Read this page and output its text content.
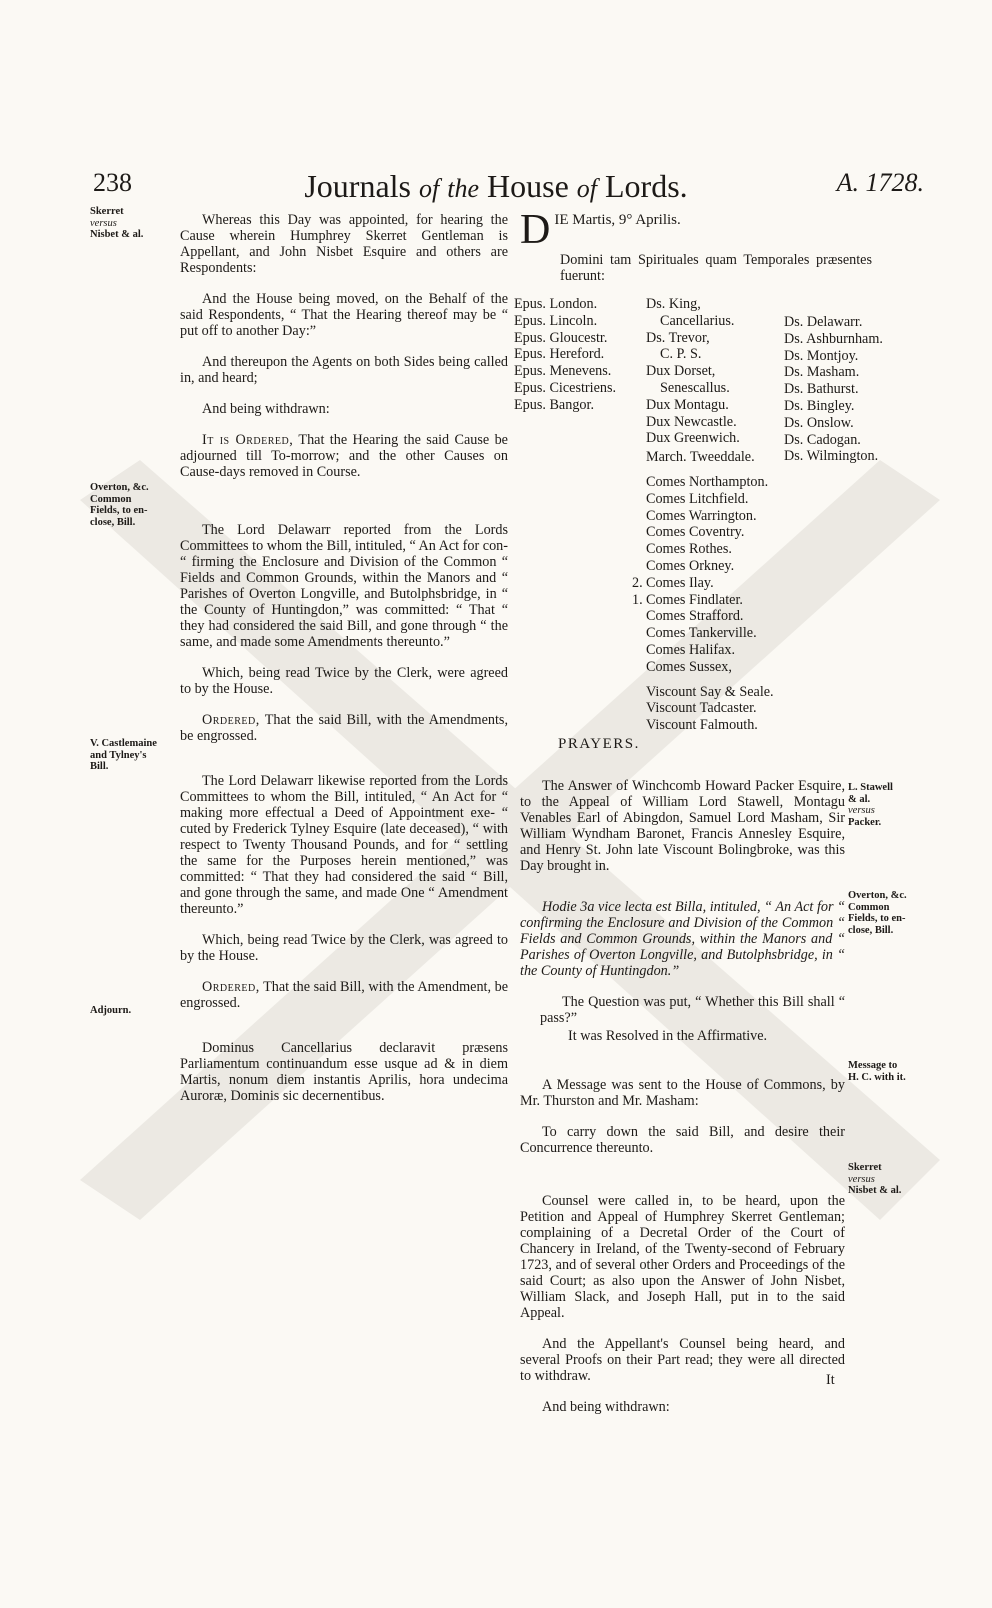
238	Journals of the House of Lords.	A. 1728.
Skerret
versus
Nisbet & al.
Overton, &c.
Common
Fields, to en-
close, Bill.
V. Castlemaine
and Tylney's
Bill.
Adjourn.

Whereas this Day was appointed, for hearing the Cause wherein Humphrey Skerret Gentleman is Appellant, and John Nisbet Esquire and others are Respondents:

And the House being moved, on the Behalf of the said Respondents, “ That the Hearing thereof may be “ put off to another Day:”

And thereupon the Agents on both Sides being called in, and heard;

And being withdrawn:

It is Ordered, That the Hearing the said Cause be adjourned till To-morrow; and the other Causes on Cause-days removed in Course.

The Lord Delawarr reported from the Lords Committees to whom the Bill, intituled, “ An Act for con- “ firming the Enclosure and Division of the Common “ Fields and Common Grounds, within the Manors and “ Parishes of Overton Longville, and Butolphsbridge, in “ the County of Huntingdon,” was committed: “ That “ they had considered the said Bill, and gone through “ the same, and made some Amendments thereunto.”

Which, being read Twice by the Clerk, were agreed to by the House.

Ordered, That the said Bill, with the Amendments, be engrossed.

The Lord Delawarr likewise reported from the Lords Committees to whom the Bill, intituled, “ An Act for “ making more effectual a Deed of Appointment exe- “ cuted by Frederick Tylney Esquire (late deceased), “ with respect to Twenty Thousand Pounds, and for “ settling the same for the Purposes herein mentioned,” was committed: “ That they had considered the said “ Bill, and gone through the same, and made One “ Amendment thereunto.”

Which, being read Twice by the Clerk, was agreed to by the House.

Ordered, That the said Bill, with the Amendment, be engrossed.

Dominus Cancellarius declaravit præsens Parliamentum continuandum esse usque ad & in diem Martis, nonum diem instantis Aprilis, hora undecima Auroræ, Dominis sic decernentibus.

D IE Martis, 9° Aprilis.

Domini tam Spirituales quam Temporales præsentes fuerunt:

Epus. London.
Epus. Lincoln.
Epus. Gloucestr.
Epus. Hereford.
Epus. Menevens.
Epus. Cicestriens.
Epus. Bangor.
Ds. King,
Cancellarius.
Ds. Trevor,
C. P. S.
Dux Dorset,
Senescallus.
Dux Montagu.
Dux Newcastle.
Dux Greenwich.
March. Tweeddale.
Comes Northampton.
Comes Litchfield.
Comes Warrington.
Comes Coventry.
Comes Rothes.
Comes Orkney.
2. Comes Ilay.
1. Comes Findlater.
Comes Strafford.
Comes Tankerville.
Comes Halifax.
Comes Sussex,
Viscount Say & Seale.
Viscount Tadcaster.
Viscount Falmouth.
Ds. Delawarr.
Ds. Ashburnham.
Ds. Montjoy.
Ds. Masham.
Ds. Bathurst.
Ds. Bingley.
Ds. Onslow.
Ds. Cadogan.
Ds. Wilmington.
PRAYERS.

The Answer of Winchcomb Howard Packer Esquire, to the Appeal of William Lord Stawell, Montagu Venables Earl of Abingdon, Samuel Lord Masham, Sir William Wyndham Baronet, Francis Annesley Esquire, and Henry St. John late Viscount Bolingbroke, was this Day brought in.

Hodie 3a vice lecta est Billa, intituled, “ An Act for “ confirming the Enclosure and Division of the Common “ Fields and Common Grounds, within the Manors and “ Parishes of Overton Longville, and Butolphsbridge, in “ the County of Huntingdon.”

The Question was put, “ Whether this Bill shall “ pass?”

It was Resolved in the Affirmative.

A Message was sent to the House of Commons, by Mr. Thurston and Mr. Masham:

To carry down the said Bill, and desire their Concurrence thereunto.

Counsel were called in, to be heard, upon the Petition and Appeal of Humphrey Skerret Gentleman; complaining of a Decretal Order of the Court of Chancery in Ireland, of the Twenty-second of February 1723, and of several other Orders and Proceedings of the said Court; as also upon the Answer of John Nisbet, William Slack, and Joseph Hall, put in to the said Appeal.

And the Appellant's Counsel being heard, and several Proofs on their Part read; they were all directed to withdraw.

And being withdrawn:

It
L. Stawell
& al.
versus
Packer.
Overton, &c.
Common
Fields, to en-
close, Bill.
Message to
H. C. with it.
Skerret
versus
Nisbet & al.
